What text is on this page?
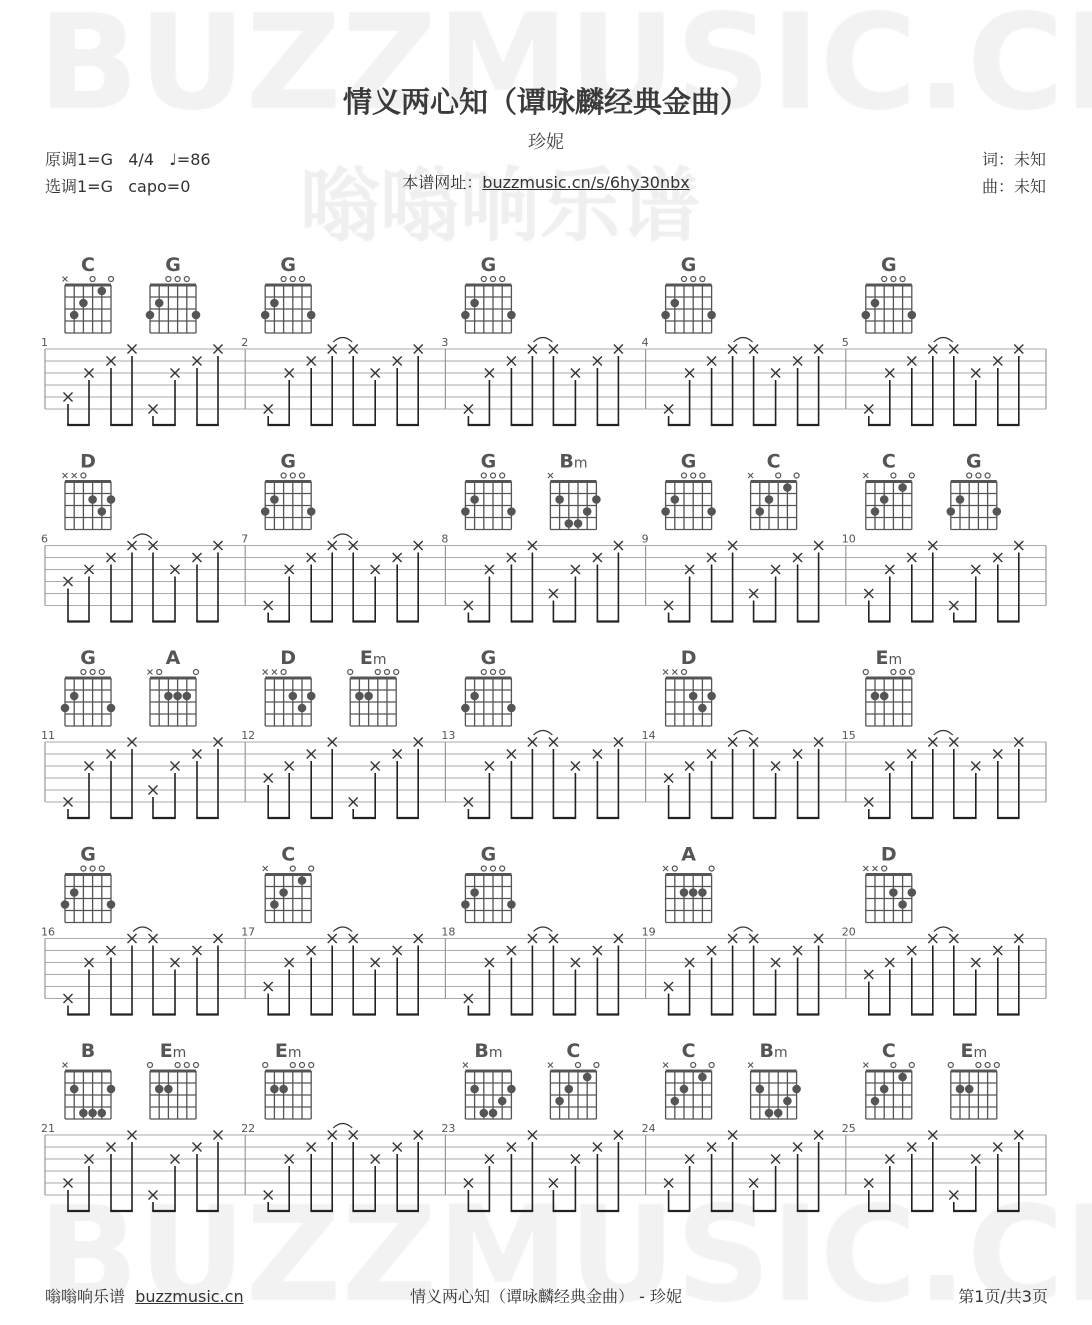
情义两心知（谭咏麟经典金曲）
珍妮
原调1=G   4/4   ♩=86
选调1=G   capo=0
词：未知
曲：未知
本谱网址：buzzmusic.cn/s/6hy30nbx
1
C	G
2
G
3
G
4
G
5
G
6
D
7
G
8
G	Bm
9
G	C
10
C	G
11
G	A
12
D	Em
13
G
14
D
15
Em
16
G
17
C
18
G
19
A
20
D
21
B	Em
22
Em
23
Bm	C
24
C	Bm
25
C	Em
嗡嗡响乐谱 buzzmusic.cn	情义两心知（谭咏麟经典金曲） - 珍妮	第1页/共3页
